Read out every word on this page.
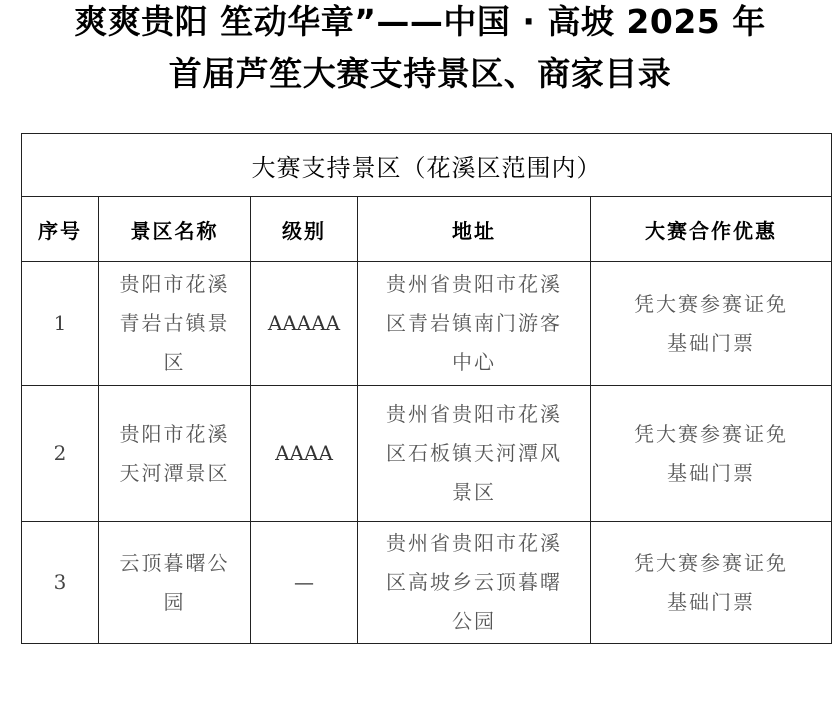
爽爽贵阳 笙动华章”——中国 · 高坡 2025 年
首届芦笙大赛支持景区、商家目录
大赛支持景区（花溪区范围内）				
序号	景区名称	级别	地址	大赛合作优惠
1	贵阳市花溪青岩古镇景区	AAAAA	贵州省贵阳市花溪区青岩镇南门游客中心	凭大赛参赛证免基础门票
2	贵阳市花溪天河潭景区	AAAA	贵州省贵阳市花溪区石板镇天河潭风景区	凭大赛参赛证免基础门票
3	云顶暮曙公园	—	贵州省贵阳市花溪区高坡乡云顶暮曙公园	凭大赛参赛证免基础门票
